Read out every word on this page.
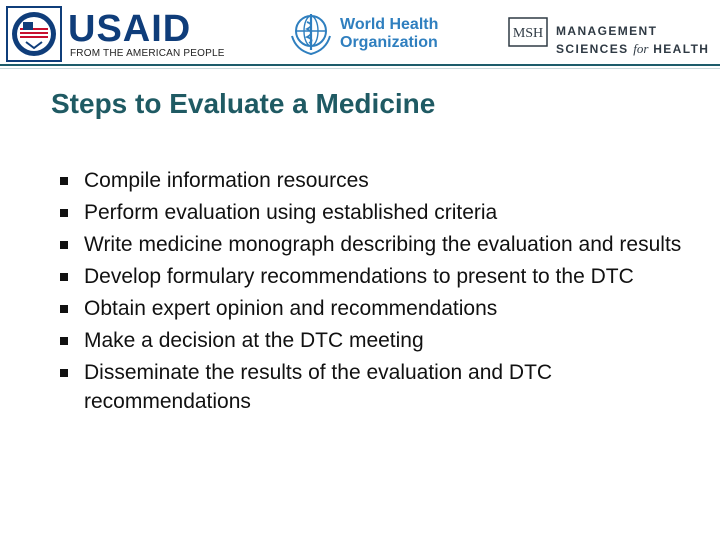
USAID
FROM THE AMERICAN PEOPLE
World Health
Organization
MSH MANAGEMENT
SCIENCES for HEALTH
Steps to Evaluate a Medicine
Compile information resources
Perform evaluation using established criteria
Write medicine monograph describing the evaluation and results
Develop formulary recommendations to present to the DTC
Obtain expert opinion and recommendations
Make a decision at the DTC meeting
Disseminate the results of the evaluation and DTC recommendations
